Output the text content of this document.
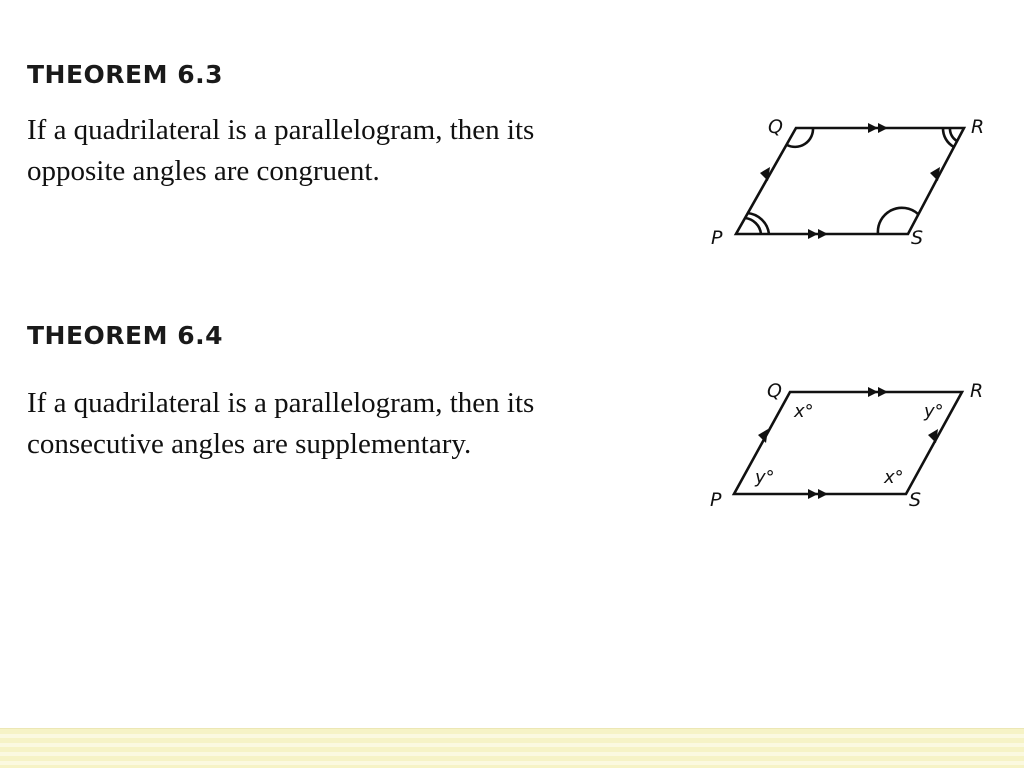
THEOREM 6.3

If a quadrilateral is a parallelogram, then its
opposite angles are congruent.

Q	R
P	S
THEOREM 6.4

If a quadrilateral is a parallelogram, then its
consecutive angles are supplementary.

Q	R
P	S
x°	y°
y°	x°
